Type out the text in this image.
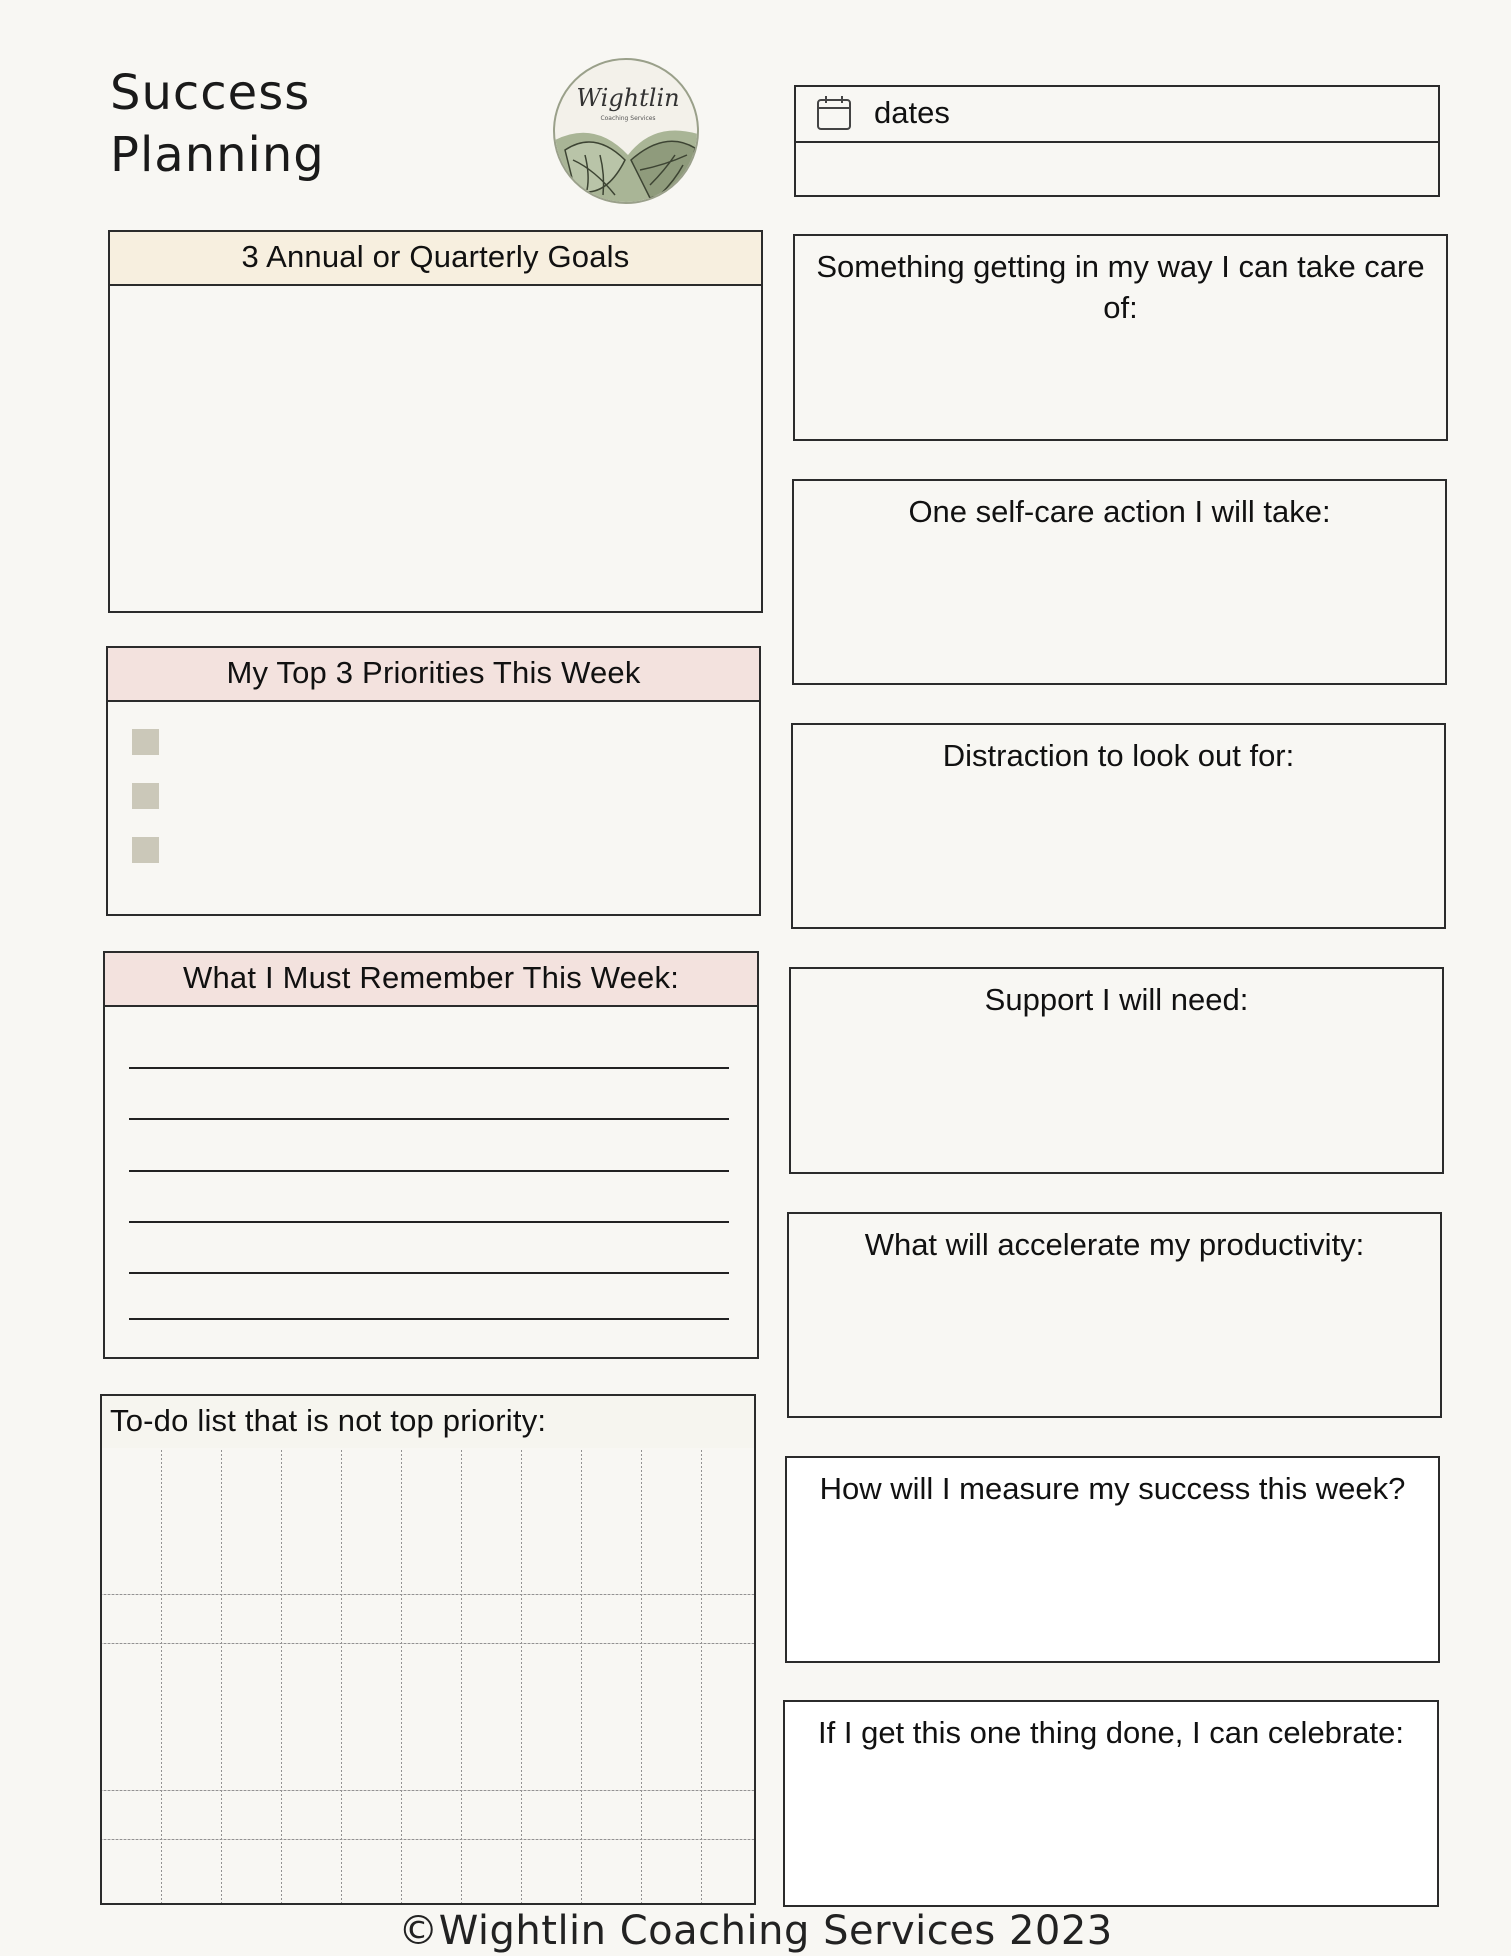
Success
Planning
Wightlin
Coaching Services	dates
3 Annual or Quarterly Goals
My Top 3 Priorities This Week
What I Must Remember This Week:
To-do list that is not top priority:
Something getting in my way I can take care of:
One self-care action I will take:
Distraction to look out for:
Support I will need:
What will accelerate my productivity:
How will I measure my success this week?
If I get this one thing done, I can celebrate:
©Wightlin Coaching Services 2023
